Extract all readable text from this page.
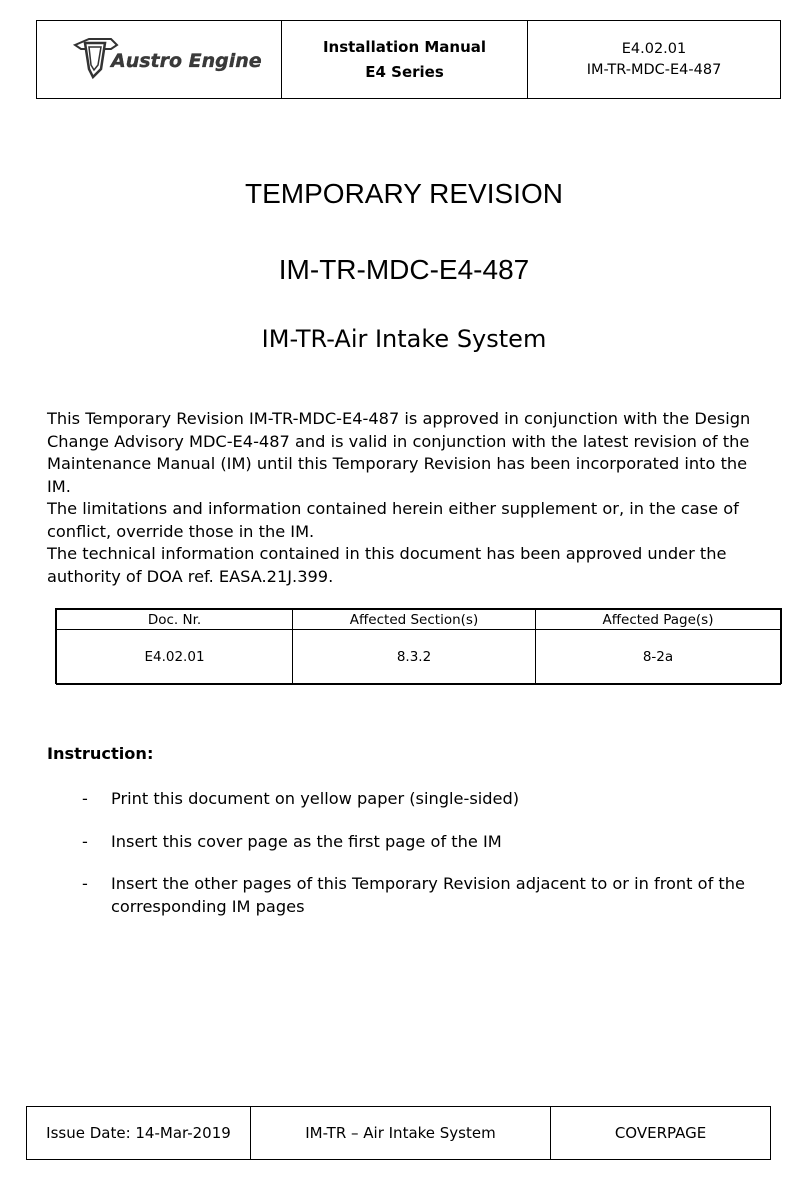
Austro Engine
Installation Manual
E4 Series
E4.02.01
IM-TR-MDC-E4-487
TEMPORARY REVISION
IM-TR-MDC-E4-487
IM-TR-Air Intake System

This Temporary Revision IM-TR-MDC-E4-487 is approved in conjunction with the Design Change Advisory MDC-E4-487 and is valid in conjunction with the latest revision of the Maintenance Manual (IM) until this Temporary Revision has been incorporated into the IM.

The limitations and information contained herein either supplement or, in the case of conflict, override those in the IM.

The technical information contained in this document has been approved under the authority of DOA ref. EASA.21J.399.

Doc. Nr.	Affected Section(s)	Affected Page(s)
E4.02.01	8.3.2	8-2a
Instruction:
- Print this document on yellow paper (single-sided)
- Insert this cover page as the first page of the IM
- Insert the other pages of this Temporary Revision adjacent to or in front of the corresponding IM pages
Issue Date: 14-Mar-2019	IM-TR – Air Intake System	COVERPAGE
